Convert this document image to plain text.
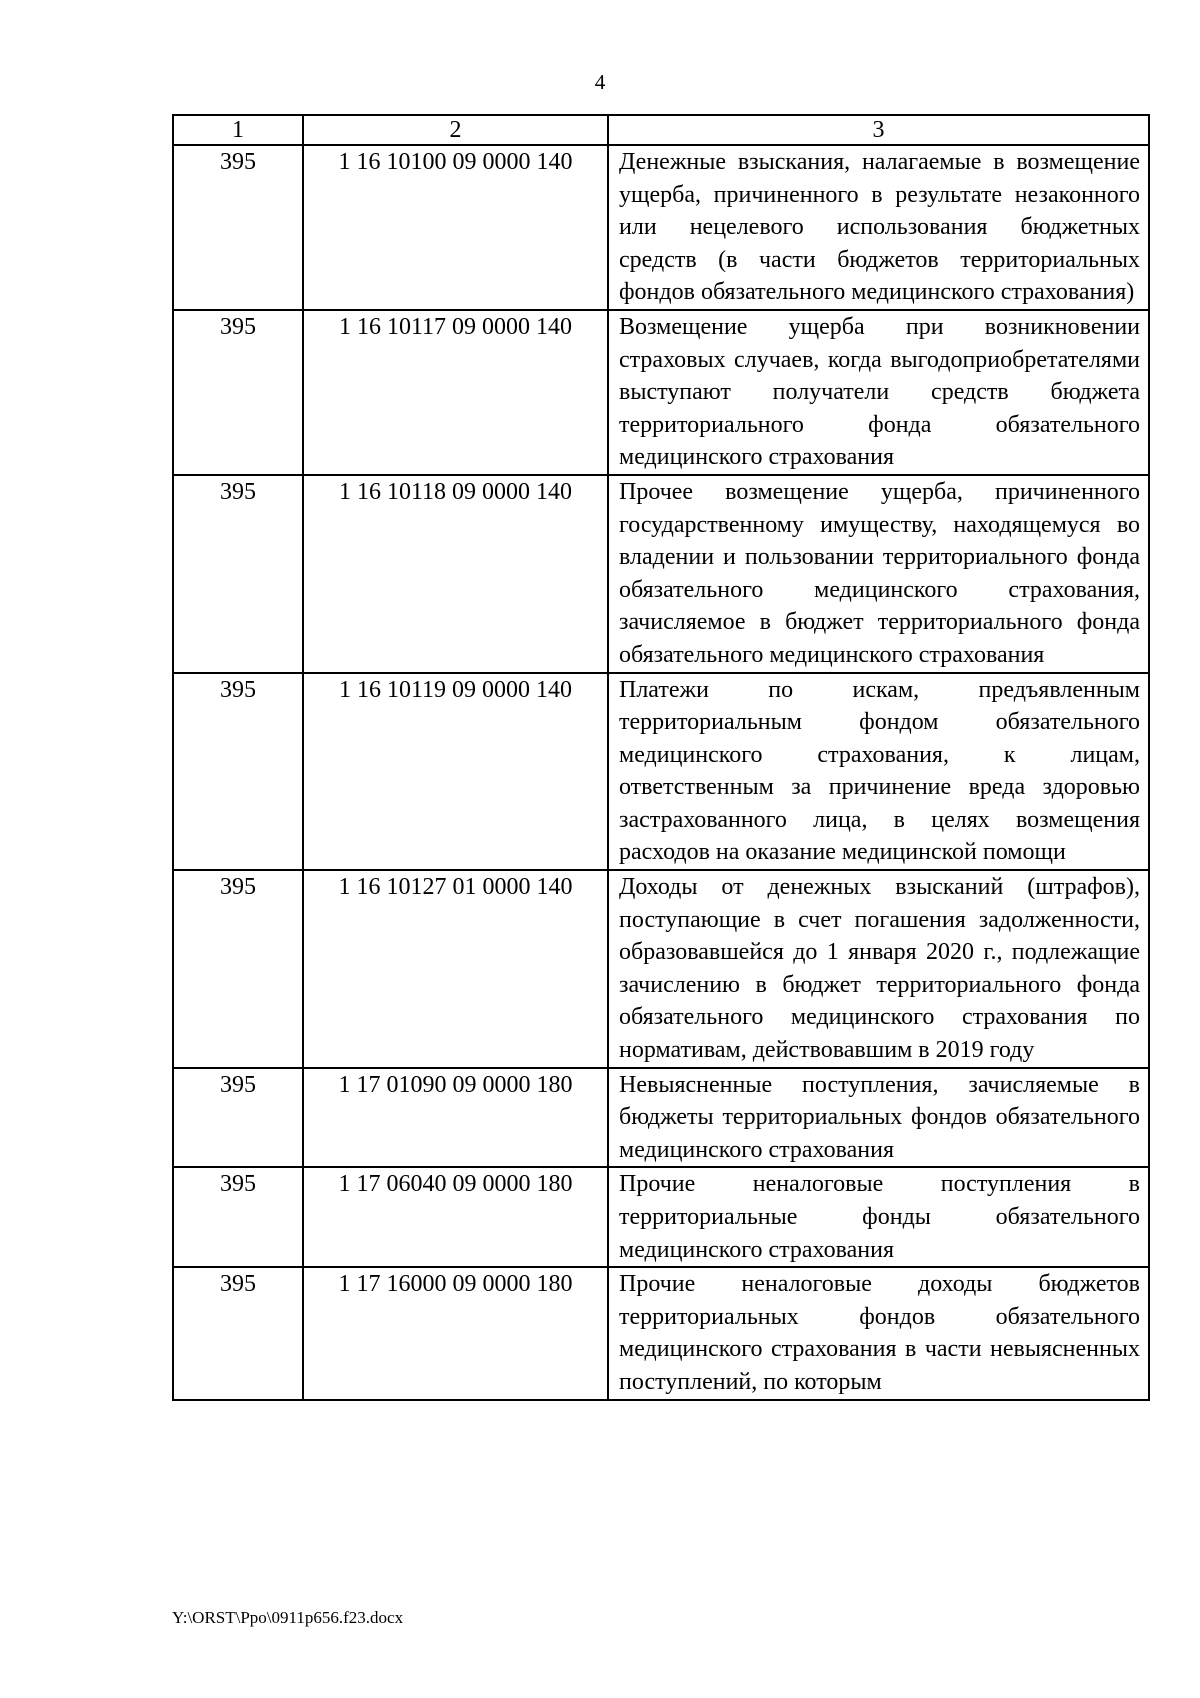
4
1	2	3
395	1 16 10100 09 0000 140	Денежные взыскания, налагаемые в возмещение ущерба, причиненного в результате незаконного или нецелевого использования бюджетных средств (в части бюджетов территориальных фондов обязательного медицинского страхования)
395	1 16 10117 09 0000 140	Возмещение ущерба при возникновении страховых случаев, когда выгодоприобретателями выступают получатели средств бюджета территориального фонда обязательного медицинского страхования
395	1 16 10118 09 0000 140	Прочее возмещение ущерба, причиненного государственному имуществу, находящемуся во владении и пользовании территориального фонда обязательного медицинского страхования, зачисляемое в бюджет территориального фонда обязательного медицинского страхования
395	1 16 10119 09 0000 140	Платежи по искам, предъявленным территориальным фондом обязательного медицинского страхования, к лицам, ответственным за причинение вреда здоровью застрахованного лица, в целях возмещения расходов на оказание медицинской помощи
395	1 16 10127 01 0000 140	Доходы от денежных взысканий (штрафов), поступающие в счет погашения задолженности, образовавшейся до 1 января 2020 г., подлежащие зачислению в бюджет территориального фонда обязательного медицинского страхования по нормативам, действовавшим в 2019 году
395	1 17 01090 09 0000 180	Невыясненные поступления, зачисляемые в бюджеты территориальных фондов обязательного медицинского страхования
395	1 17 06040 09 0000 180	Прочие неналоговые поступления в территориальные фонды обязательного медицинского страхования
395	1 17 16000 09 0000 180	Прочие неналоговые доходы бюджетов территориальных фондов обязательного медицинского страхования в части невыясненных поступлений, по которым
Y:\ORST\Ppo\0911p656.f23.docx
